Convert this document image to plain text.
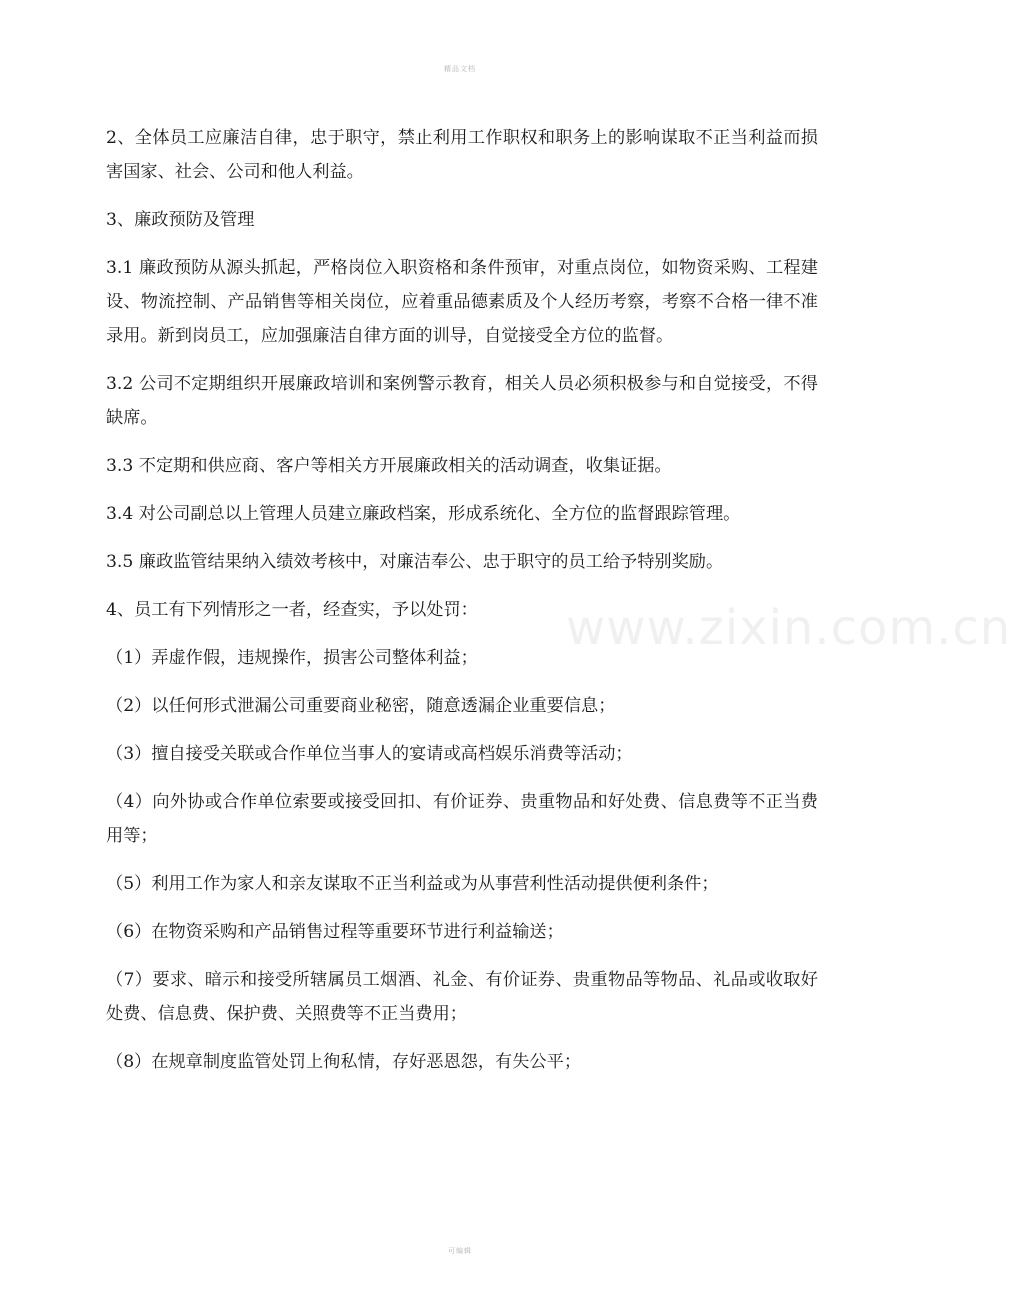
精品文档
www.zixin.com.cn

2、全体员工应廉洁自律，忠于职守，禁止利用工作职权和职务上的影响谋取不正当利益而损害国家、社会、公司和他人利益。

3、廉政预防及管理

3.1 廉政预防从源头抓起，严格岗位入职资格和条件预审，对重点岗位，如物资采购、工程建设、物流控制、产品销售等相关岗位，应着重品德素质及个人经历考察，考察不合格一律不准录用。新到岗员工，应加强廉洁自律方面的训导，自觉接受全方位的监督。

3.2 公司不定期组织开展廉政培训和案例警示教育，相关人员必须积极参与和自觉接受，不得缺席。

3.3 不定期和供应商、客户等相关方开展廉政相关的活动调查，收集证据。

3.4 对公司副总以上管理人员建立廉政档案，形成系统化、全方位的监督跟踪管理。

3.5 廉政监管结果纳入绩效考核中，对廉洁奉公、忠于职守的员工给予特别奖励。

4、员工有下列情形之一者，经查实，予以处罚：

（1）弄虚作假，违规操作，损害公司整体利益；

（2）以任何形式泄漏公司重要商业秘密，随意透漏企业重要信息；

（3）擅自接受关联或合作单位当事人的宴请或高档娱乐消费等活动；

（4）向外协或合作单位索要或接受回扣、有价证券、贵重物品和好处费、信息费等不正当费用等；

（5）利用工作为家人和亲友谋取不正当利益或为从事营利性活动提供便利条件；

（6）在物资采购和产品销售过程等重要环节进行利益输送；

（7）要求、暗示和接受所辖属员工烟酒、礼金、有价证券、贵重物品等物品、礼品或收取好处费、信息费、保护费、关照费等不正当费用；

（8）在规章制度监管处罚上徇私情，存好恶恩怨，有失公平；

可编辑
